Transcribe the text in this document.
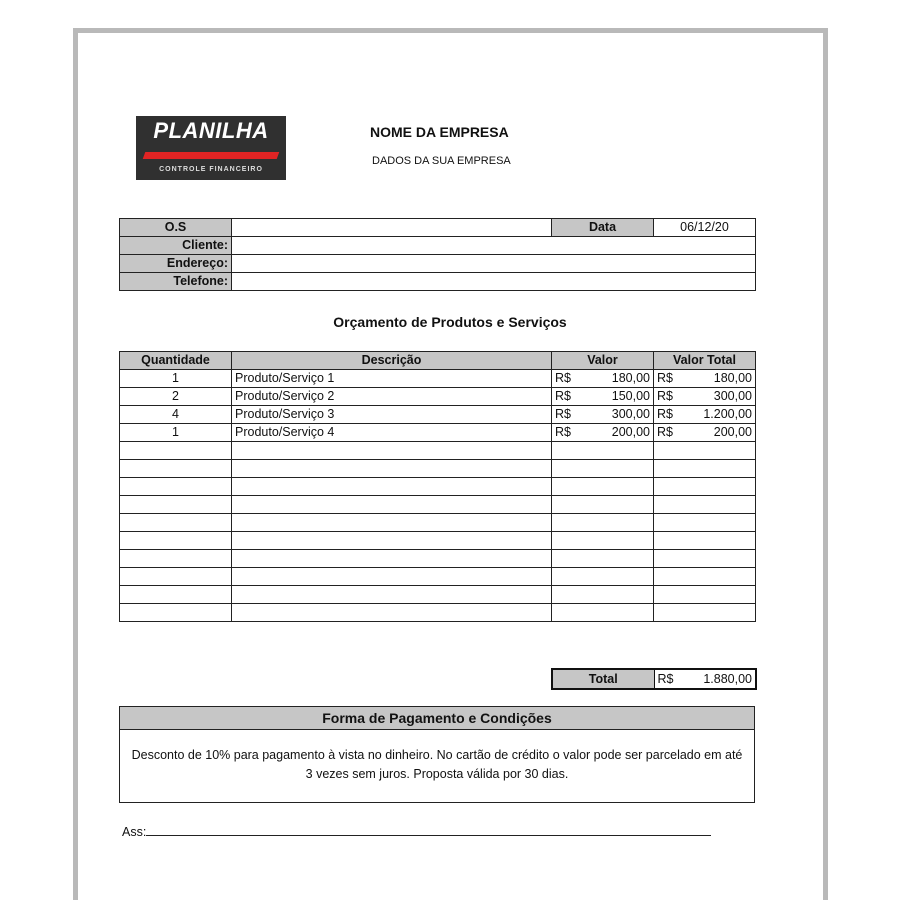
PLANILHA
CONTROLE FINANCEIRO
NOME DA EMPRESA
DADOS DA SUA EMPRESA
O.S		Data	06/12/20
Cliente:			
Endereço:			
Telefone:			
Orçamento de Produtos e Serviços
Quantidade	Descrição	Valor	Valor Total
1	Produto/Serviço 1	R$ 180,00	R$ 180,00

2	Produto/Serviço 2	R$ 150,00	R$ 300,00

4	Produto/Serviço 3	R$ 300,00	R$ 1.200,00

1	Produto/Serviço 4	R$ 200,00	R$ 200,00

Total	R$ 1.880,00
Forma de Pagamento e Condições
Desconto de 10% para pagamento à vista no dinheiro. No cartão de crédito o valor pode ser parcelado em até 3 vezes sem juros. Proposta válida por 30 dias.
Ass:
